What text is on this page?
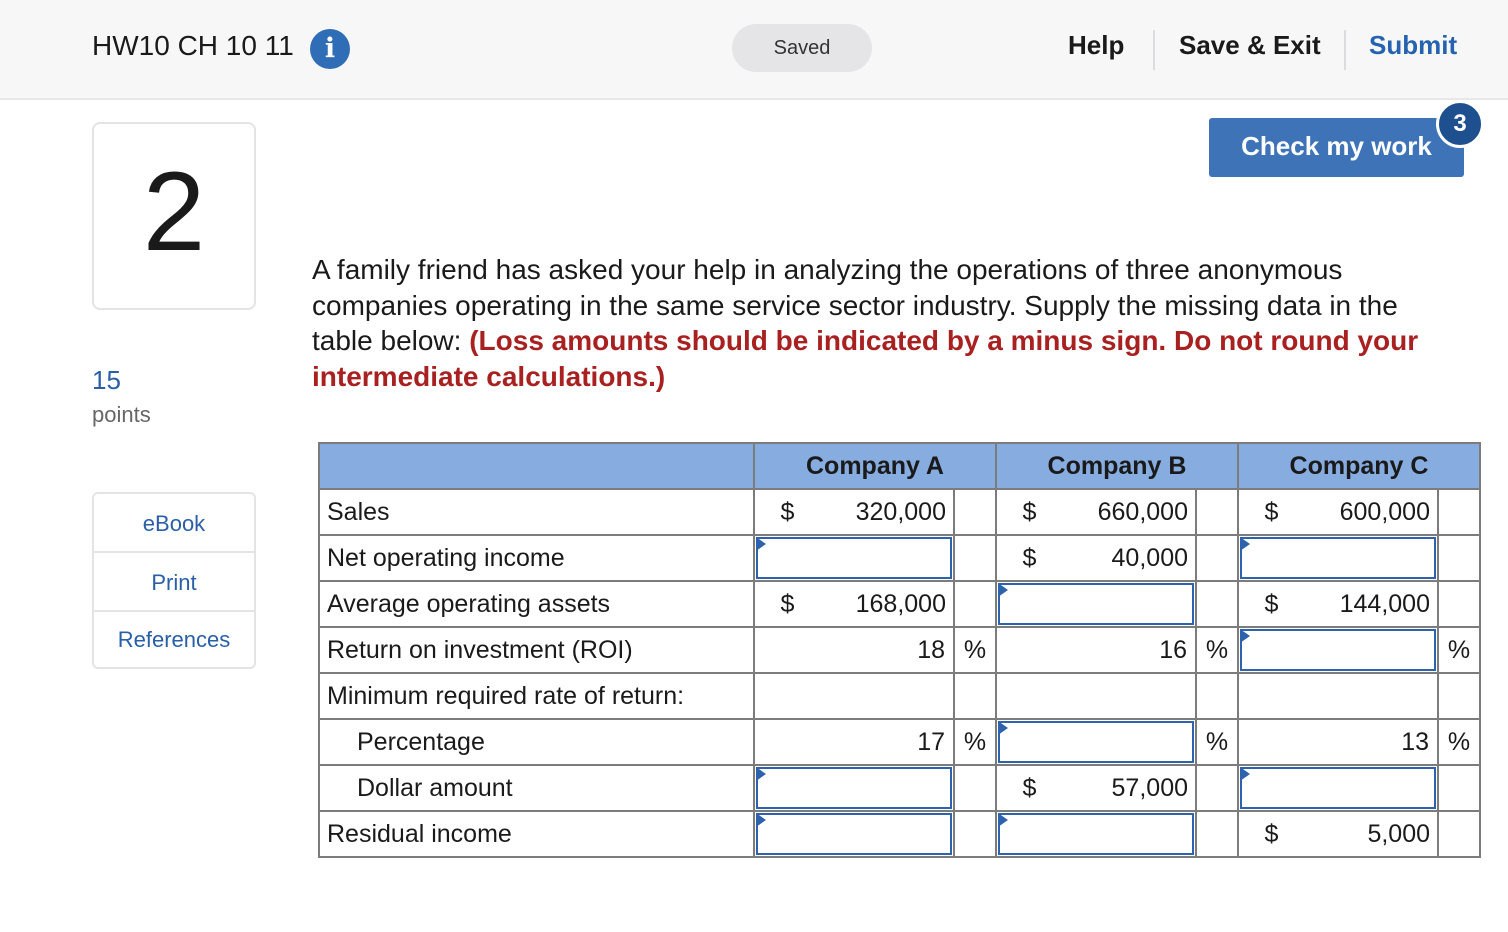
HW10 CH 10 11	i	Saved	Help Save & Exit Submit
2
15
points
eBook
Print
References
Check my work
3
A family friend has asked your help in analyzing the operations of three anonymous companies operating in the same service sector industry. Supply the missing data in the table below: (Loss amounts should be indicated by a minus sign. Do not round your intermediate calculations.)
	Company A			Company B			Company C		
Sales	$	320,000		$	660,000		$	600,000	
Net operating income				$	40,000		

Average operating assets	$	168,000					$	144,000	
Return on investment (ROI)	18		%	16		%			%
Minimum required rate of return:									
Percentage	17		%			%	13		%
Dollar amount				$	57,000		

Residual income							$	5,000	
